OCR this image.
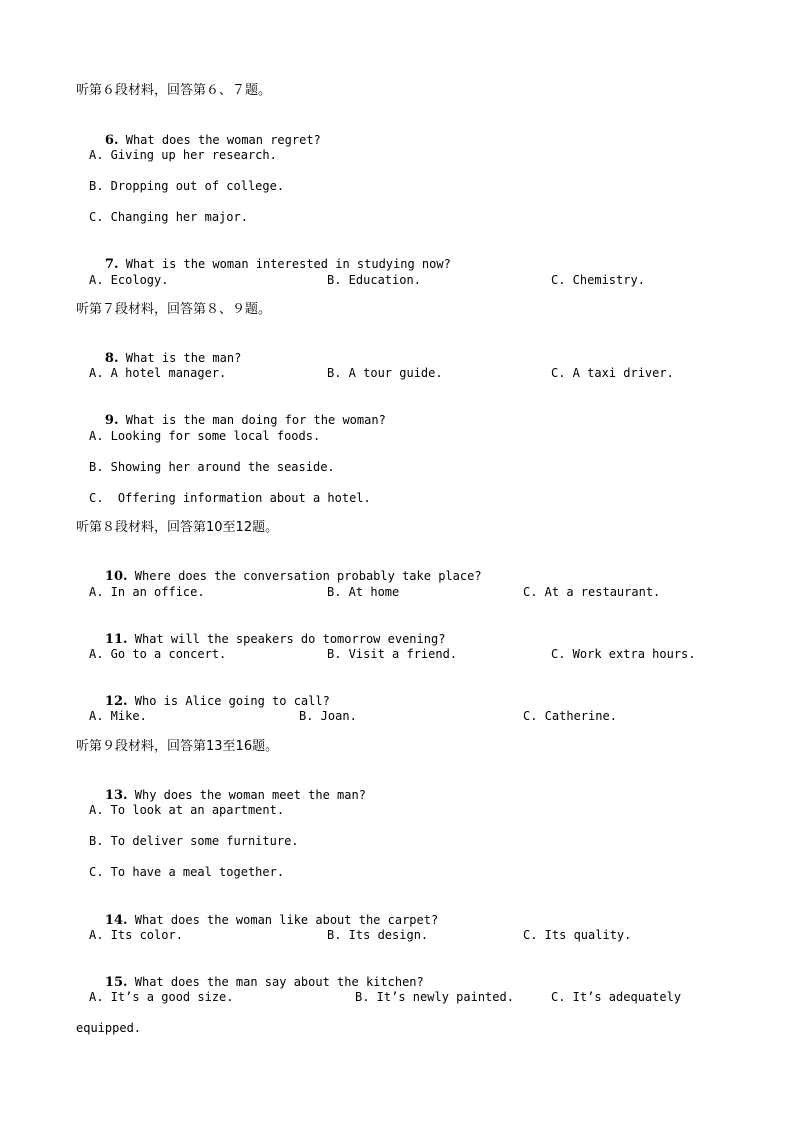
听第６段材料，回答第６、７题。

6. What does the woman regret?

A. Giving up her research.
B. Dropping out of college.
C. Changing her major.

7. What is the woman interested in studying now?

A. Ecology.	B. Education.	C. Chemistry.
听第７段材料，回答第８、９题。

8. What is the man?

A. A hotel manager.	B. A tour guide.	C. A taxi driver.

9. What is the man doing for the woman?

A. Looking for some local foods.
B. Showing her around the seaside.
C.  Offering information about a hotel.
听第８段材料，回答第10至12题。

10. Where does the conversation probably take place?

A. In an office.	B. At home	C. At a restaurant.

11. What will the speakers do tomorrow evening?

A. Go to a concert.	B. Visit a friend.	C. Work extra hours.

12. Who is Alice going to call?

A. Mike.	B. Joan.	C. Catherine.
听第９段材料，回答第13至16题。

13. Why does the woman meet the man?

A. To look at an apartment.
B. To deliver some furniture.
C. To have a meal together.

14. What does the woman like about the carpet?

A. Its color.	B. Its design.	C. Its quality.

15. What does the man say about the kitchen?

A. It’s a good size.	B. It’s newly painted.	C. It’s adequately
equipped.
